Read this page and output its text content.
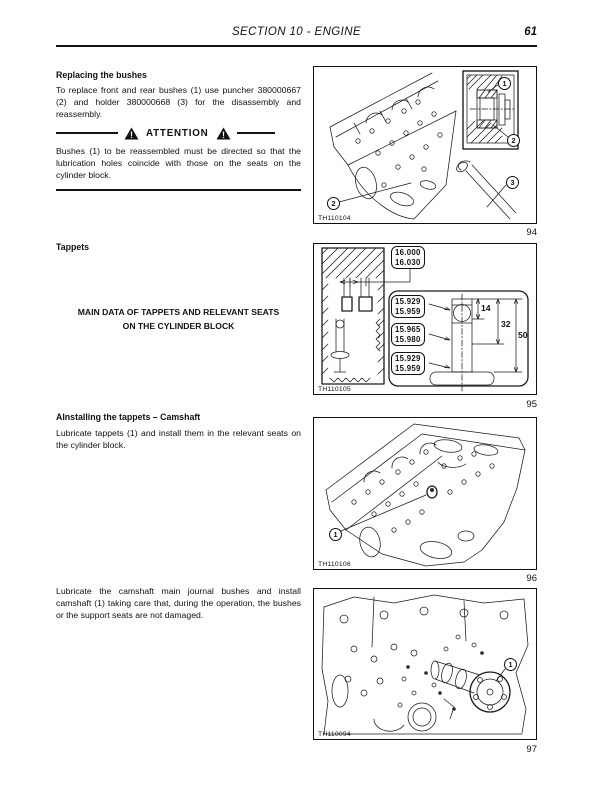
SECTION 10 - ENGINE	61
Replacing the bushes

To replace front and rear bushes (1) use puncher 380000667 (2) and holder 380000668 (3) for the disassembly and reassembly.

! ATTENTION !

Bushes (1) to be reassembled must be directed so that the lubrication holes coincide with those on the seats on the cylinder block.

Tappets
MAIN DATA OF TAPPETS AND RELEVANT SEATS
ON THE CYLINDER BLOCK
AInstalling the tappets – Camshaft

Lubricate tappets (1) and install them in the relevant seats on the cylinder block.

Lubricate the camshaft main journal bushes and install camshaft (1) taking care that, during the operation, the bushes or the support seats are not damaged.

1
2
2
3
TH110104
94
16.000
16.030
15.929
15.959
15.965
15.980
15.929
15.959
14
32
50
TH110105
95
1
TH110106
96
1
TH110094
97
